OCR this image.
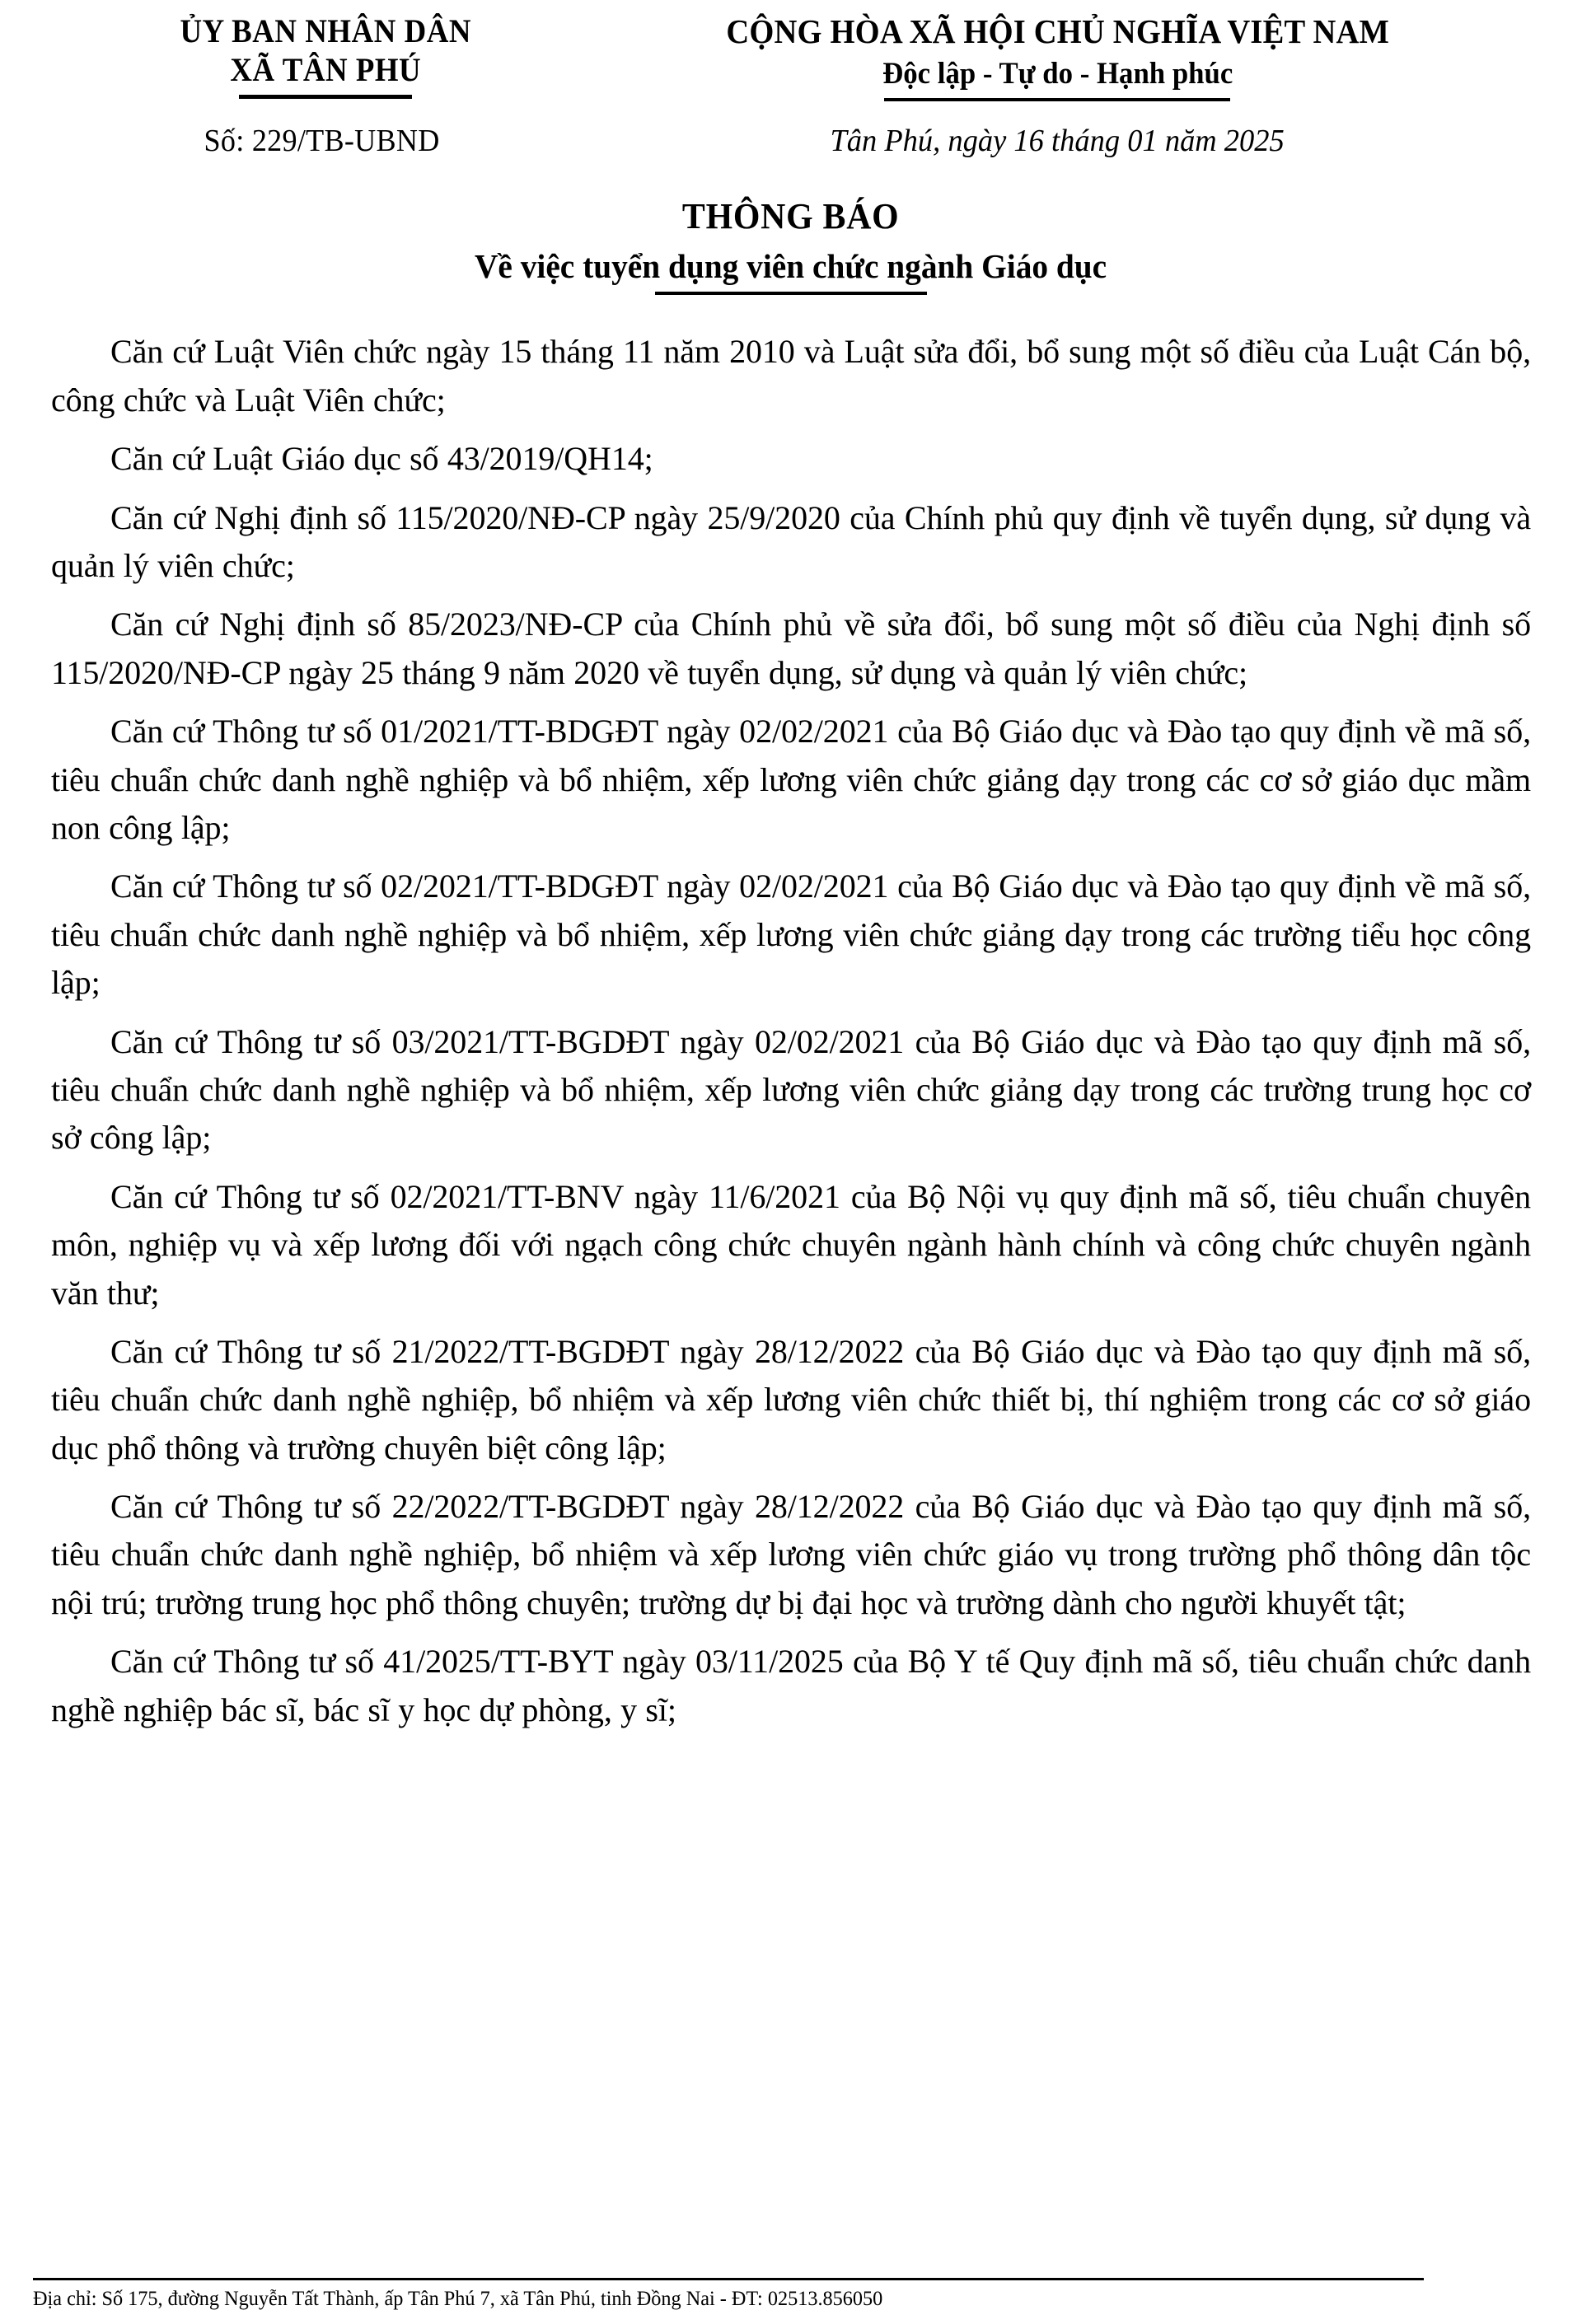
ỦY BAN NHÂN DÂN
XÃ TÂN PHÚ
CỘNG HÒA XÃ HỘI CHỦ NGHĨA VIỆT NAM
Độc lập - Tự do - Hạnh phúc
Số: 229/TB-UBND	Tân Phú, ngày 16 tháng 01 năm 2025
THÔNG BÁO
Về việc tuyển dụng viên chức ngành Giáo dục

Căn cứ Luật Viên chức ngày 15 tháng 11 năm 2010 và Luật sửa đổi, bổ sung một số điều của Luật Cán bộ, công chức và Luật Viên chức;

Căn cứ Luật Giáo dục số 43/2019/QH14;

Căn cứ Nghị định số 115/2020/NĐ-CP ngày 25/9/2020 của Chính phủ quy định về tuyển dụng, sử dụng và quản lý viên chức;

Căn cứ Nghị định số 85/2023/NĐ-CP của Chính phủ về sửa đổi, bổ sung một số điều của Nghị định số 115/2020/NĐ-CP ngày 25 tháng 9 năm 2020 về tuyển dụng, sử dụng và quản lý viên chức;

Căn cứ Thông tư số 01/2021/TT-BDGĐT ngày 02/02/2021 của Bộ Giáo dục và Đào tạo quy định về mã số, tiêu chuẩn chức danh nghề nghiệp và bổ nhiệm, xếp lương viên chức giảng dạy trong các cơ sở giáo dục mầm non công lập;

Căn cứ Thông tư số 02/2021/TT-BDGĐT ngày 02/02/2021 của Bộ Giáo dục và Đào tạo quy định về mã số, tiêu chuẩn chức danh nghề nghiệp và bổ nhiệm, xếp lương viên chức giảng dạy trong các trường tiểu học công lập;

Căn cứ Thông tư số 03/2021/TT-BGDĐT ngày 02/02/2021 của Bộ Giáo dục và Đào tạo quy định mã số, tiêu chuẩn chức danh nghề nghiệp và bổ nhiệm, xếp lương viên chức giảng dạy trong các trường trung học cơ sở công lập;

Căn cứ Thông tư số 02/2021/TT-BNV ngày 11/6/2021 của Bộ Nội vụ quy định mã số, tiêu chuẩn chuyên môn, nghiệp vụ và xếp lương đối với ngạch công chức chuyên ngành hành chính và công chức chuyên ngành văn thư;

Căn cứ Thông tư số 21/2022/TT-BGDĐT ngày 28/12/2022 của Bộ Giáo dục và Đào tạo quy định mã số, tiêu chuẩn chức danh nghề nghiệp, bổ nhiệm và xếp lương viên chức thiết bị, thí nghiệm trong các cơ sở giáo dục phổ thông và trường chuyên biệt công lập;

Căn cứ Thông tư số 22/2022/TT-BGDĐT ngày 28/12/2022 của Bộ Giáo dục và Đào tạo quy định mã số, tiêu chuẩn chức danh nghề nghiệp, bổ nhiệm và xếp lương viên chức giáo vụ trong trường phổ thông dân tộc nội trú; trường trung học phổ thông chuyên; trường dự bị đại học và trường dành cho người khuyết tật;

Căn cứ Thông tư số 41/2025/TT-BYT ngày 03/11/2025 của Bộ Y tế Quy định mã số, tiêu chuẩn chức danh nghề nghiệp bác sĩ, bác sĩ y học dự phòng, y sĩ;

Địa chỉ: Số 175, đường Nguyễn Tất Thành, ấp Tân Phú 7, xã Tân Phú, tinh Đồng Nai - ĐT: 02513.856050
